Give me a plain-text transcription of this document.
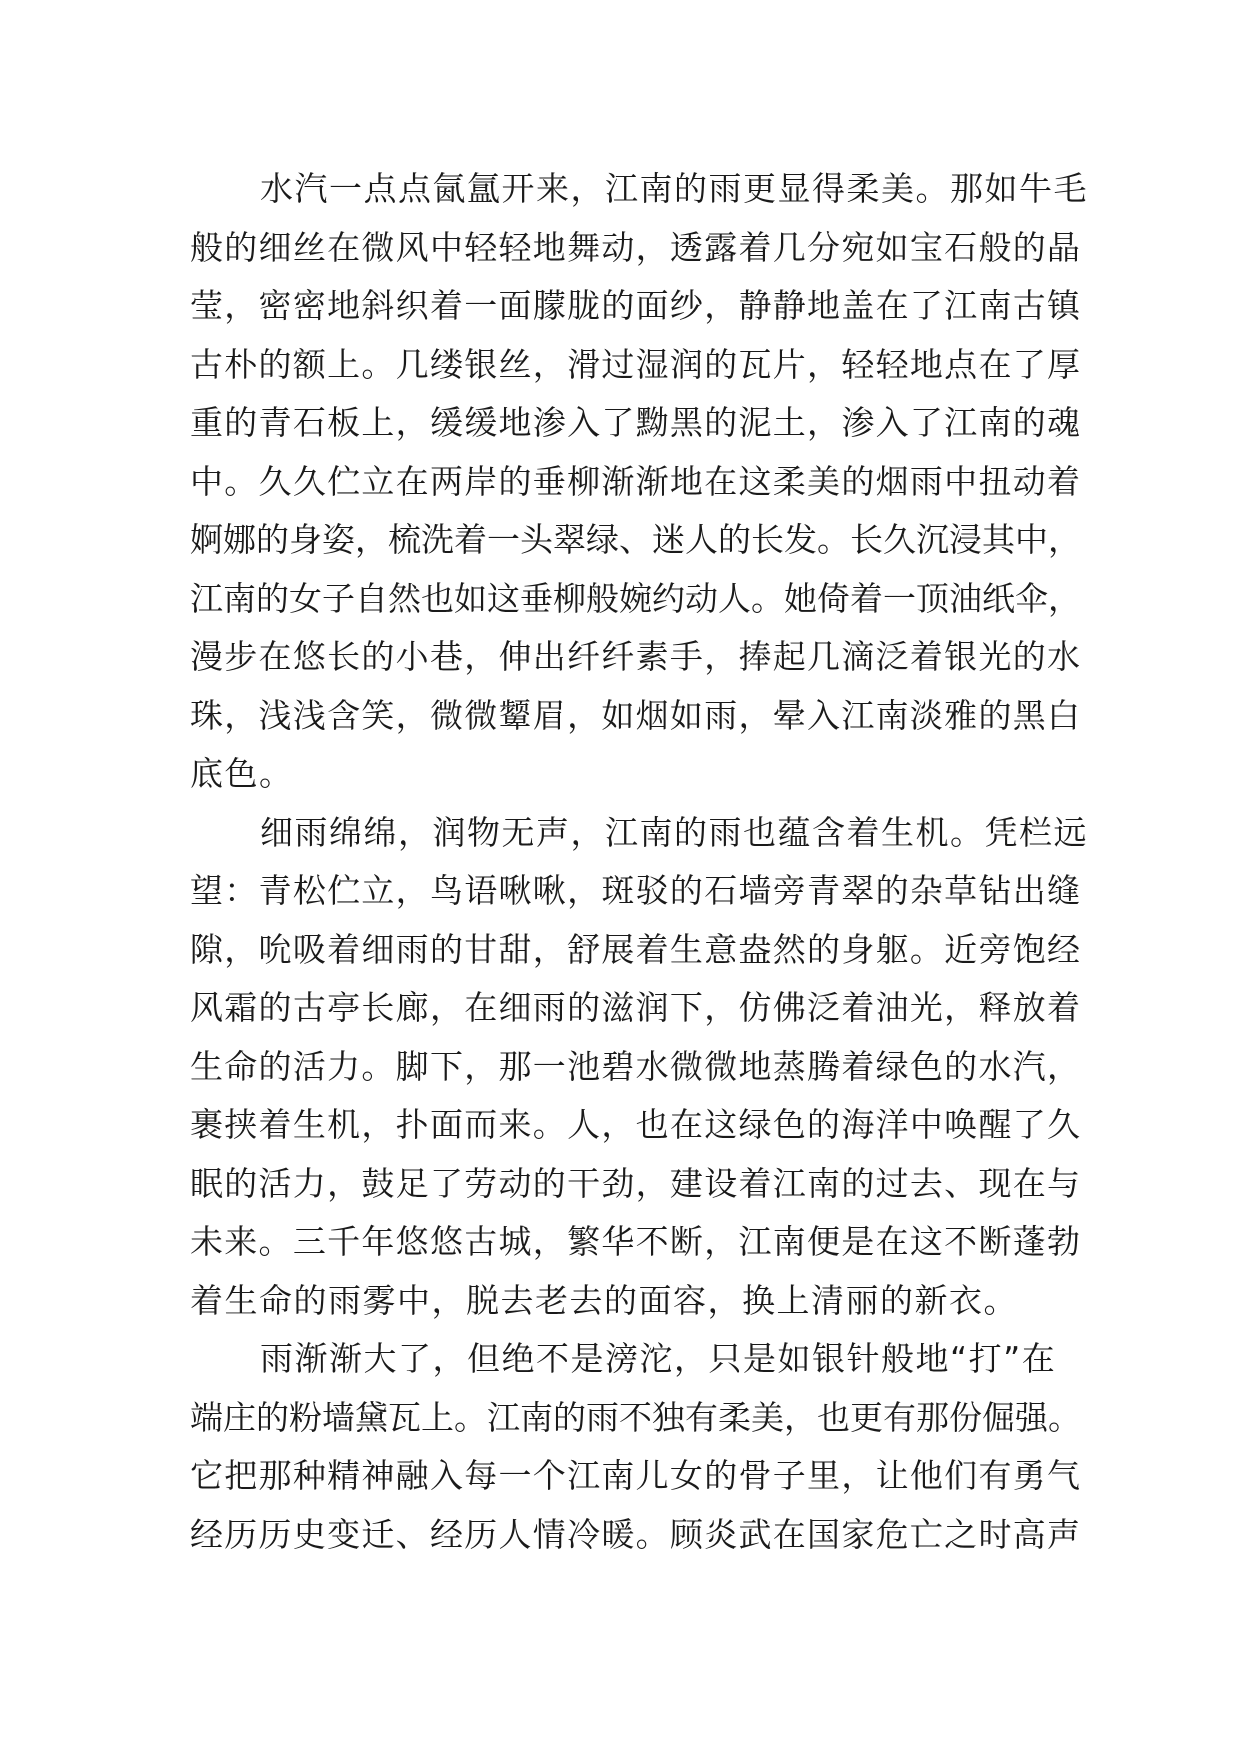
水汽一点点氤氲开来，江南的雨更显得柔美。那如牛毛
般的细丝在微风中轻轻地舞动，透露着几分宛如宝石般的晶
莹，密密地斜织着一面朦胧的面纱，静静地盖在了江南古镇
古朴的额上。几缕银丝，滑过湿润的瓦片，轻轻地点在了厚
重的青石板上，缓缓地渗入了黝黑的泥土，渗入了江南的魂
中。久久伫立在两岸的垂柳渐渐地在这柔美的烟雨中扭动着
婀娜的身姿，梳洗着一头翠绿、迷人的长发。长久沉浸其中，
江南的女子自然也如这垂柳般婉约动人。她倚着一顶油纸伞，
漫步在悠长的小巷，伸出纤纤素手，捧起几滴泛着银光的水
珠，浅浅含笑，微微颦眉，如烟如雨，晕入江南淡雅的黑白
底色。
细雨绵绵，润物无声，江南的雨也蕴含着生机。凭栏远
望：青松伫立，鸟语啾啾，斑驳的石墙旁青翠的杂草钻出缝
隙，吮吸着细雨的甘甜，舒展着生意盎然的身躯。近旁饱经
风霜的古亭长廊，在细雨的滋润下，仿佛泛着油光，释放着
生命的活力。脚下，那一池碧水微微地蒸腾着绿色的水汽，
裹挟着生机，扑面而来。人，也在这绿色的海洋中唤醒了久
眠的活力，鼓足了劳动的干劲，建设着江南的过去、现在与
未来。三千年悠悠古城，繁华不断，江南便是在这不断蓬勃
着生命的雨雾中，脱去老去的面容，换上清丽的新衣。
雨渐渐大了，但绝不是滂沱，只是如银针般地“打”在
端庄的粉墙黛瓦上。江南的雨不独有柔美，也更有那份倔强。
它把那种精神融入每一个江南儿女的骨子里，让他们有勇气
经历历史变迁、经历人情冷暖。顾炎武在国家危亡之时高声
